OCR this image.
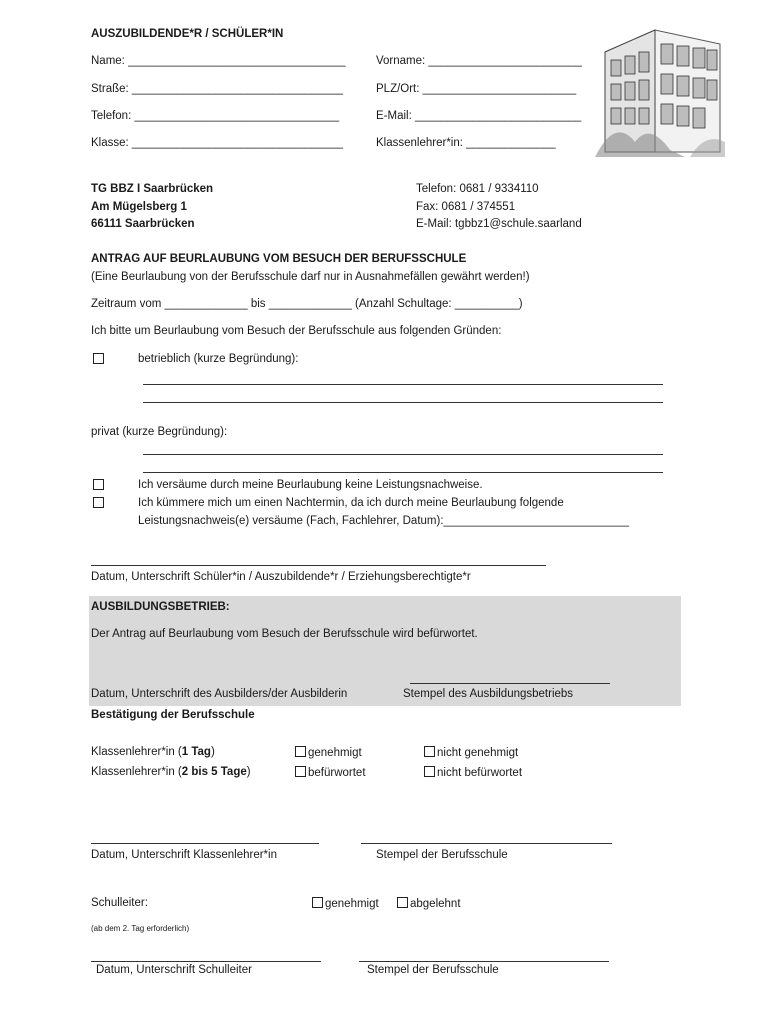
AUSZUBILDENDE*R / SCHÜLER*IN
Name: __________________________________	Vorname: ________________________
Straße: _________________________________	PLZ/Ort: ________________________
Telefon: ________________________________	E-Mail: __________________________
Klasse: _________________________________	Klassenlehrer*in: ______________
TG BBZ I Saarbrücken
Am Mügelsberg 1
66111 Saarbrücken
Telefon: 0681 / 9334110
Fax: 0681 / 374551
E-Mail: tgbbz1@schule.saarland
ANTRAG AUF BEURLAUBUNG VOM BESUCH DER BERUFSSCHULE
(Eine Beurlaubung von der Berufsschule darf nur in Ausnahmefällen gewährt werden!)
Zeitraum vom _____________ bis _____________ (Anzahl Schultage: __________)
Ich bitte um Beurlaubung vom Besuch der Berufsschule aus folgenden Gründen:
betrieblich (kurze Begründung):
privat (kurze Begründung):
Ich versäume durch meine Beurlaubung keine Leistungsnachweise.
Ich kümmere mich um einen Nachtermin, da ich durch meine Beurlaubung folgende
Leistungsnachweis(e) versäume (Fach, Fachlehrer, Datum):_____________________________
Datum, Unterschrift Schüler*in / Auszubildende*r / Erziehungsberechtigte*r
AUSBILDUNGSBETRIEB:
Der Antrag auf Beurlaubung vom Besuch der Berufsschule wird befürwortet.
Datum, Unterschrift des Ausbilders/der Ausbilderin	Stempel des Ausbildungsbetriebs
Bestätigung der Berufsschule
Klassenlehrer*in (1 Tag)	genehmigt	nicht genehmigt
Klassenlehrer*in (2 bis 5 Tage)	befürwortet	nicht befürwortet
Datum, Unterschrift Klassenlehrer*in	Stempel der Berufsschule
Schulleiter:	genehmigt	abgelehnt
(ab dem 2. Tag erforderlich)
Datum, Unterschrift Schulleiter	Stempel der Berufsschule
